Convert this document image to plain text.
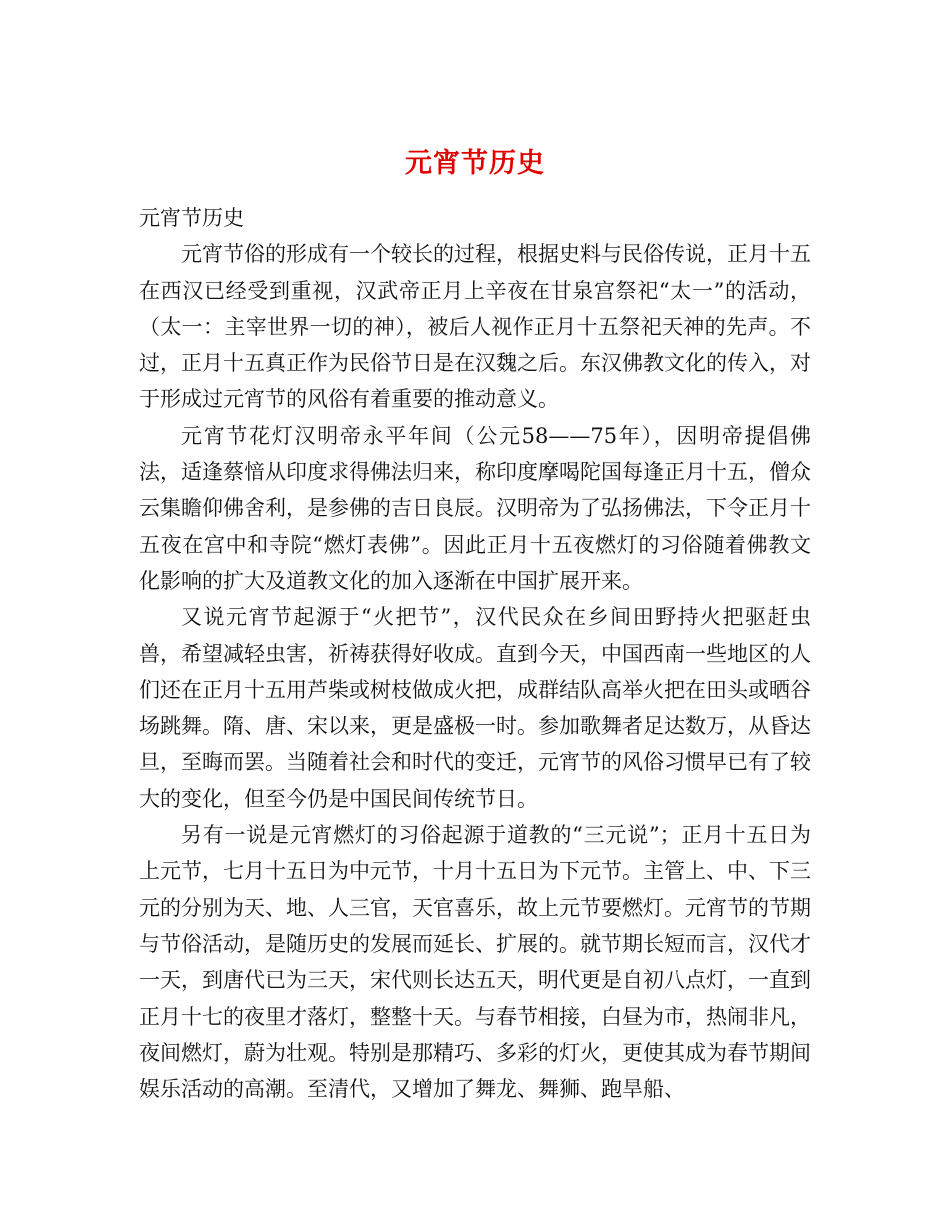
元宵节历史

元宵节历史

元宵节俗的形成有一个较长的过程，根据史料与民俗传说，正月十五在西汉已经受到重视，汉武帝正月上辛夜在甘泉宫祭祀“太一”的活动，（太一：主宰世界一切的神），被后人视作正月十五祭祀天神的先声。不过，正月十五真正作为民俗节日是在汉魏之后。东汉佛教文化的传入，对于形成过元宵节的风俗有着重要的推动意义。

元宵节花灯汉明帝永平年间（公元58——75年），因明帝提倡佛法，适逢蔡愔从印度求得佛法归来，称印度摩喝陀国每逢正月十五，僧众云集瞻仰佛舍利，是参佛的吉日良辰。汉明帝为了弘扬佛法，下令正月十五夜在宫中和寺院“燃灯表佛”。因此正月十五夜燃灯的习俗随着佛教文化影响的扩大及道教文化的加入逐渐在中国扩展开来。

又说元宵节起源于“火把节”，汉代民众在乡间田野持火把驱赶虫兽，希望减轻虫害，祈祷获得好收成。直到今天，中国西南一些地区的人们还在正月十五用芦柴或树枝做成火把，成群结队高举火把在田头或晒谷场跳舞。隋、唐、宋以来，更是盛极一时。参加歌舞者足达数万，从昏达旦，至晦而罢。当随着社会和时代的变迁，元宵节的风俗习惯早已有了较大的变化，但至今仍是中国民间传统节日。

另有一说是元宵燃灯的习俗起源于道教的“三元说”；正月十五日为上元节，七月十五日为中元节，十月十五日为下元节。主管上、中、下三元的分别为天、地、人三官，天官喜乐，故上元节要燃灯。元宵节的节期与节俗活动，是随历史的发展而延长、扩展的。就节期长短而言，汉代才一天，到唐代已为三天，宋代则长达五天，明代更是自初八点灯，一直到正月十七的夜里才落灯，整整十天。与春节相接，白昼为市，热闹非凡，夜间燃灯，蔚为壮观。特别是那精巧、多彩的灯火，更使其成为春节期间娱乐活动的高潮。至清代，又增加了舞龙、舞狮、跑旱船、
